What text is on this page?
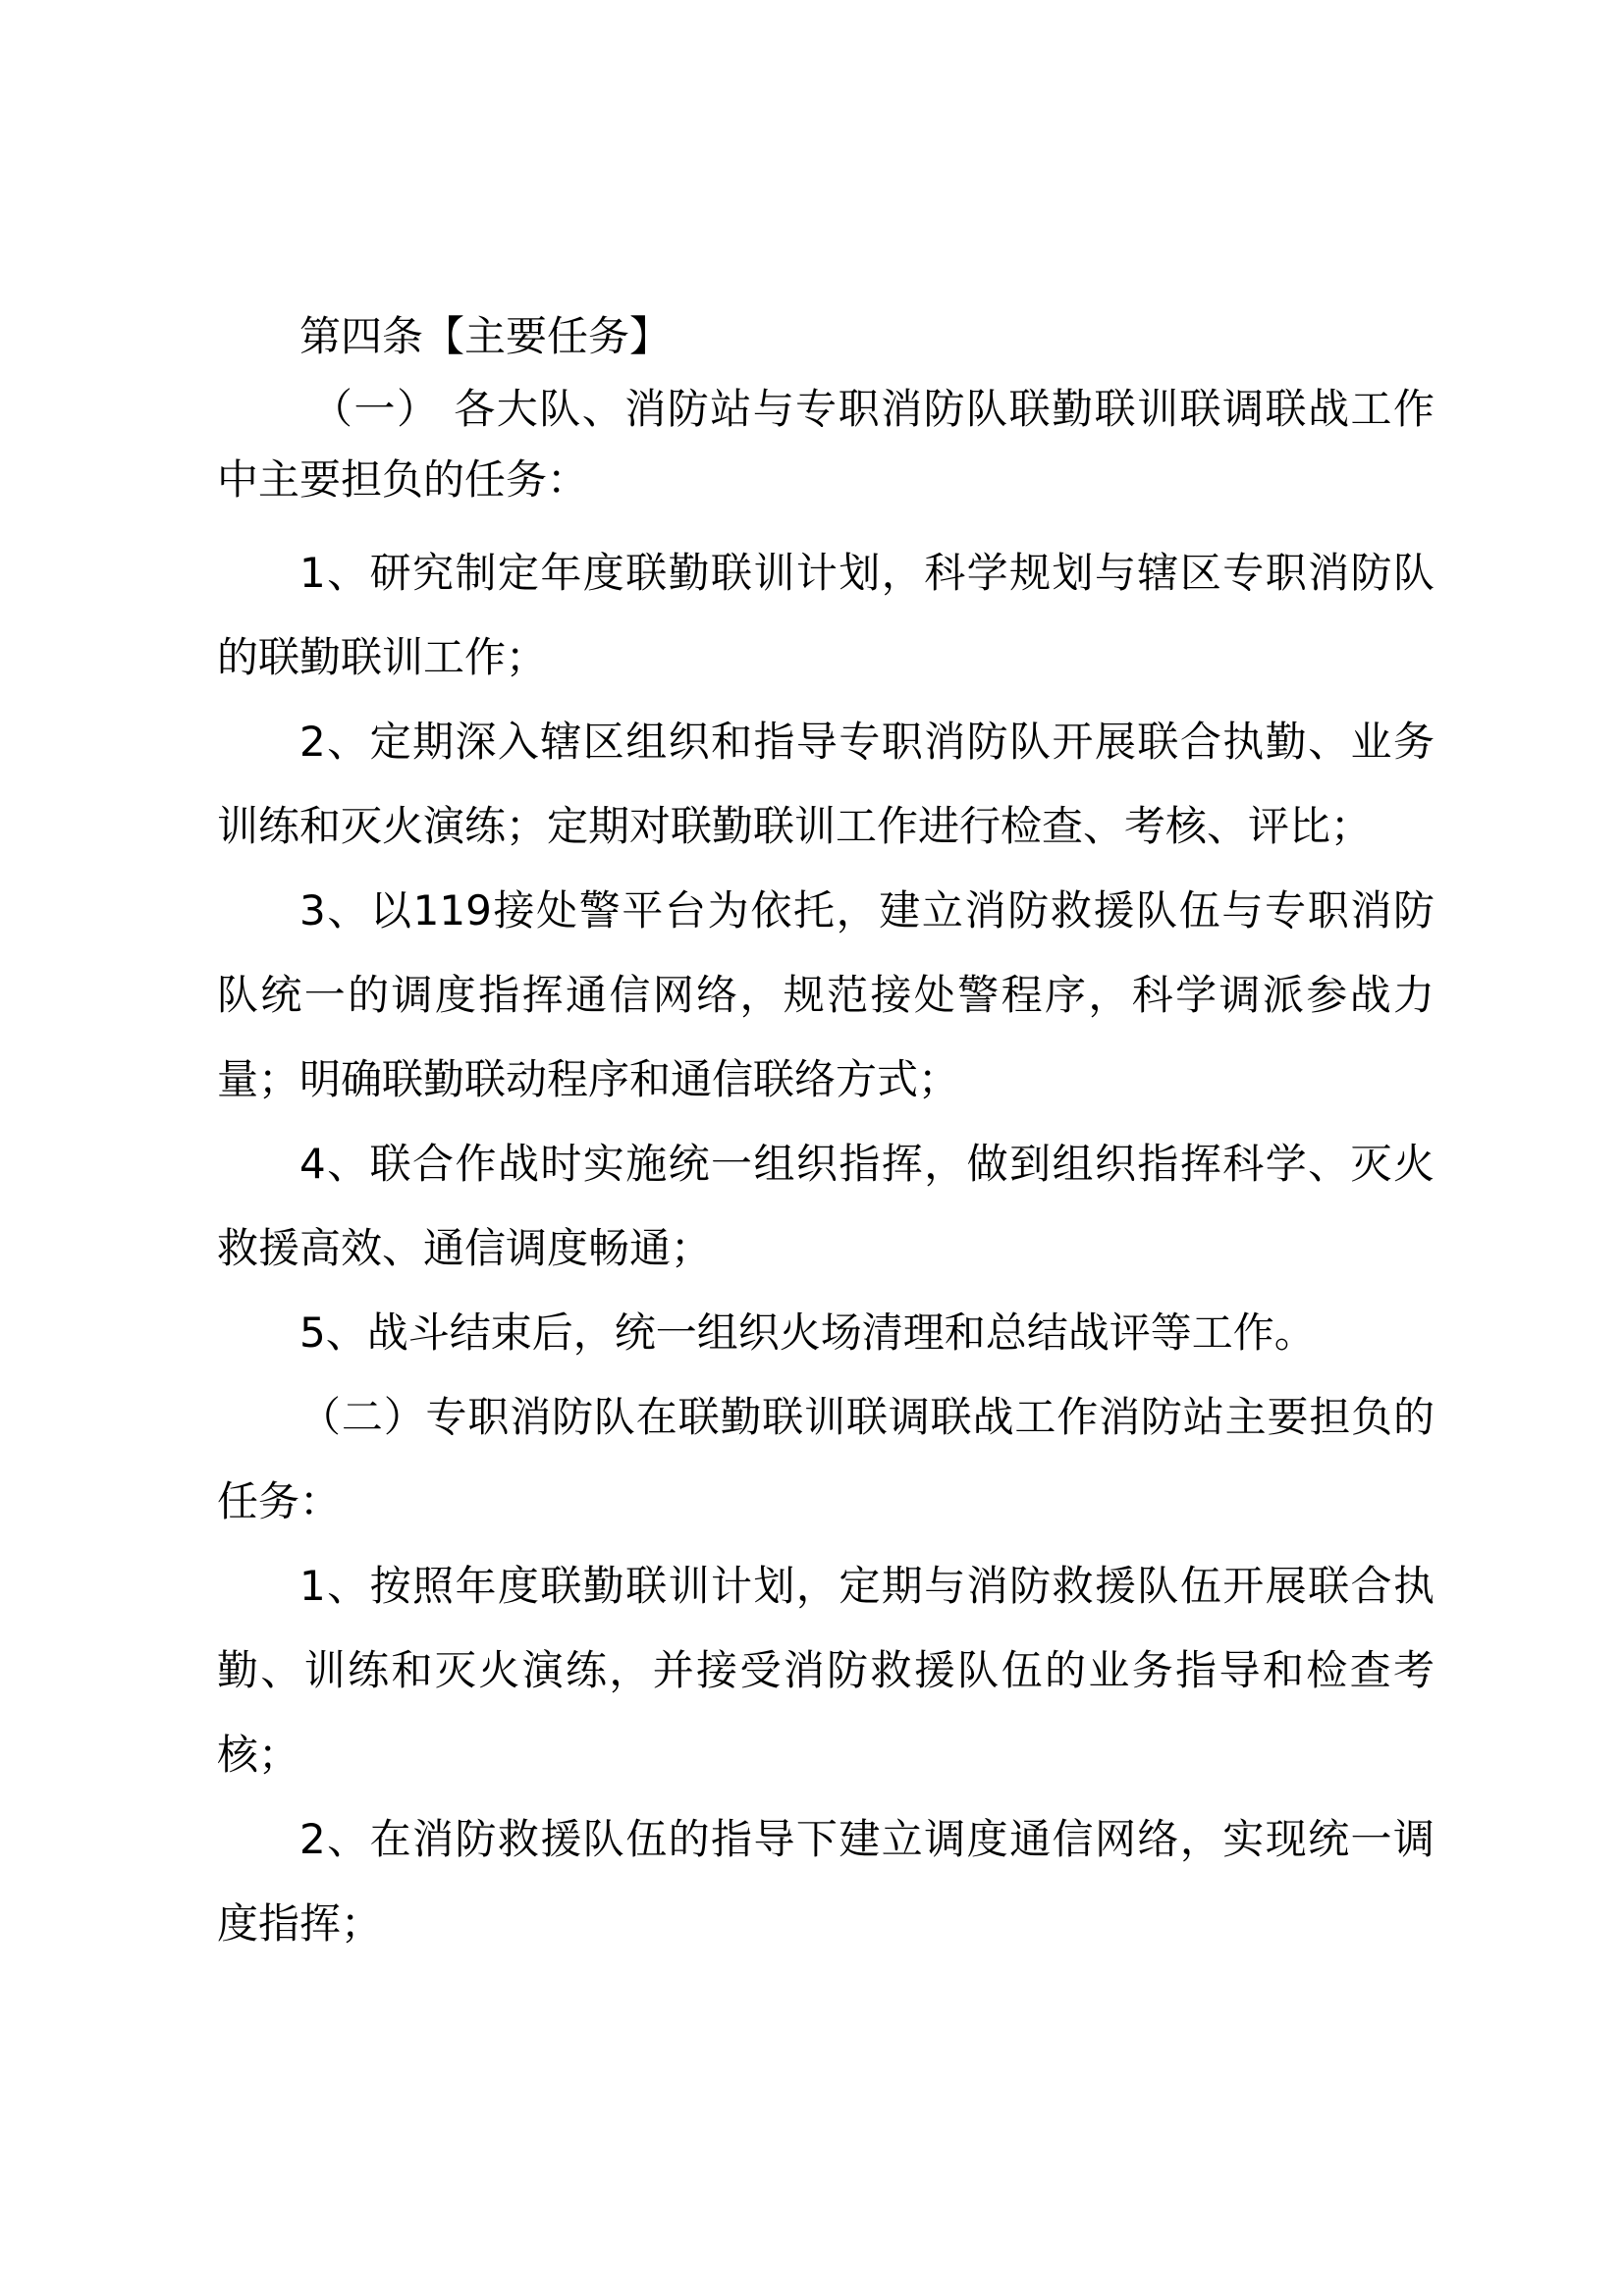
第四条【主要任务】

（一） 各大队、消防站与专职消防队联勤联训联调联战工作中主要担负的任务：

1、研究制定年度联勤联训计划，科学规划与辖区专职消防队的联勤联训工作；

2、定期深入辖区组织和指导专职消防队开展联合执勤、业务训练和灭火演练；定期对联勤联训工作进行检查、考核、评比；

3、以119接处警平台为依托，建立消防救援队伍与专职消防队统一的调度指挥通信网络，规范接处警程序，科学调派参战力量；明确联勤联动程序和通信联络方式；

4、联合作战时实施统一组织指挥，做到组织指挥科学、灭火救援高效、通信调度畅通；

5、战斗结束后，统一组织火场清理和总结战评等工作。

（二）专职消防队在联勤联训联调联战工作消防站主要担负的任务：

1、按照年度联勤联训计划，定期与消防救援队伍开展联合执勤、训练和灭火演练，并接受消防救援队伍的业务指导和检查考核；

2、在消防救援队伍的指导下建立调度通信网络，实现统一调度指挥；
